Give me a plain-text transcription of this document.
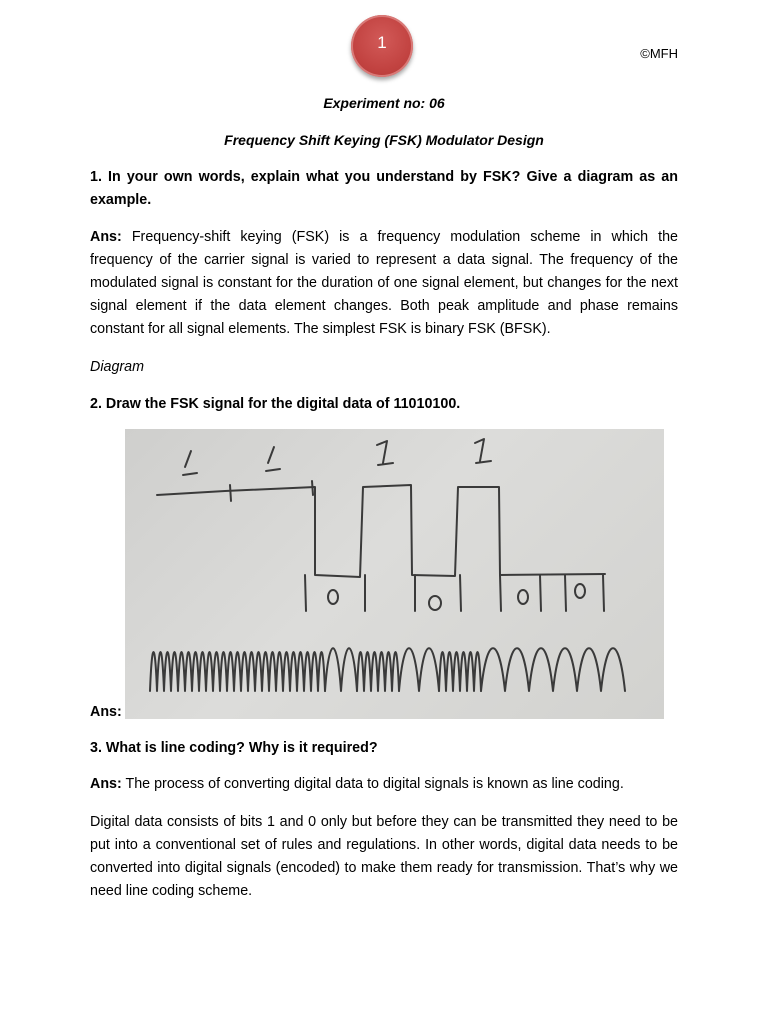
1
©MFH
Experiment no: 06
Frequency Shift Keying (FSK) Modulator Design
1. In your own words, explain what you understand by FSK? Give a diagram as an example.
Ans: Frequency-shift keying (FSK) is a frequency modulation scheme in which the frequency of the carrier signal is varied to represent a data signal. The frequency of the modulated signal is constant for the duration of one signal element, but changes for the next signal element if the data element changes. Both peak amplitude and phase remains constant for all signal elements. The simplest FSK is binary FSK (BFSK).
Diagram
2. Draw the FSK signal for the digital data of 11010100.
Ans:
3. What is line coding? Why is it required?
Ans: The process of converting digital data to digital signals is known as line coding.
Digital data consists of bits 1 and 0 only but before they can be transmitted they need to be put into a conventional set of rules and regulations. In other words, digital data needs to be converted into digital signals (encoded) to make them ready for transmission. That’s why we need line coding scheme.
